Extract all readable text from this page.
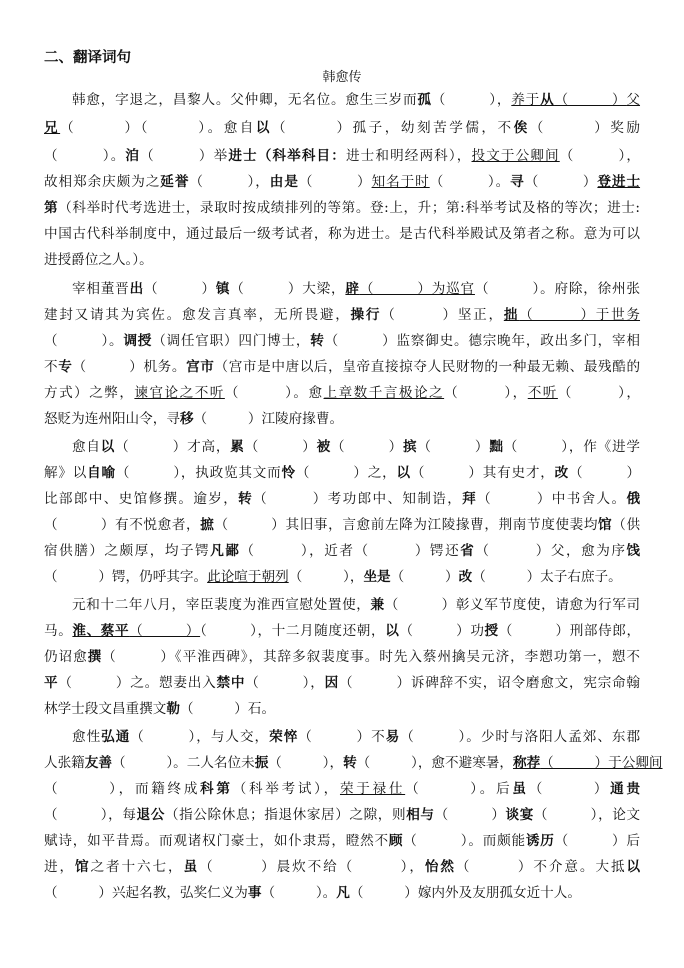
二、翻译词句
韩愈传
韩愈，字退之，昌黎人。父仲卿，无名位。愈生三岁而孤（　　　），养于从（　　　）父
兄（　　　）（　　　）。愈自以（　　　）孤子，幼刻苦学儒，不俟（　　　）奖励
（　　　）。洎（　　　）举进士（科举科目：进士和明经两科），投文于公卿间（　　　），
故相郑余庆颇为之延誉（　　　），由是（　　　）知名于时（　　　）。寻（　　　）登进士
第（科举时代考选进士，录取时按成绩排列的等第。登:上，升；第:科举考试及格的等次；进士:
中国古代科举制度中，通过最后一级考试者，称为进士。是古代科举殿试及第者之称。意为可以
进授爵位之人。）。
宰相董晋出（　　　）镇（　　　）大梁，辟（　　　）为巡官（　　　）。府除，徐州张
建封又请其为宾佐。愈发言真率，无所畏避，操行（　　　）坚正，拙（　　　）于世务
（　　　）。调授（调任官职）四门博士，转（　　　）监察御史。德宗晚年，政出多门，宰相
不专（　　　）机务。宫市（宫市是中唐以后，皇帝直接掠夺人民财物的一种最无赖、最残酷的
方式）之弊，谏官论之不听（　　　）。愈上章数千言极论之（　　　），不听（　　　），
怒贬为连州阳山令，寻移（　　　）江陵府掾曹。
愈自以（　　　）才高，累（　　　）被（　　　）摈（　　　）黜（　　　），作《进学
解》以自喻（　　　），执政览其文而怜（　　　）之，以（　　　）其有史才，改（　　　）
比部郎中、史馆修撰。逾岁，转（　　　）考功郎中、知制诰，拜（　　　）中书舍人。俄
（　　　）有不悦愈者，摭（　　　）其旧事，言愈前左降为江陵掾曹，荆南节度使裴均馆（供
宿供膳）之颇厚，均子锷凡鄙（　　　），近者（　　　）锷还省（　　　）父，愈为序饯
（　　　）锷，仍呼其字。此论喧于朝列（　　　），坐是（　　　）改（　　　）太子右庶子。
元和十二年八月，宰臣裴度为淮西宣慰处置使，兼（　　　）彰义军节度使，请愈为行军司
马。淮、蔡平（　　　）（　　　），十二月随度还朝，以（　　　）功授（　　　）刑部侍郎，
仍诏愈撰（　　　）《平淮西碑》，其辞多叙裴度事。时先入蔡州擒吴元济，李愬功第一，愬不
平（　　　）之。愬妻出入禁中（　　　），因（　　　）诉碑辞不实，诏令磨愈文，宪宗命翰
林学士段文昌重撰文勒（　　　）石。
愈性弘通（　　　），与人交，荣悴（　　　）不易（　　　）。少时与洛阳人孟郊、东郡
人张籍友善（　　　）。二人名位未振（　　　），转（　　　），愈不避寒暑，称荐（　　　）于公卿间
（　　　），而籍终成科第（科举考试），荣于禄仕（　　　）。后虽（　　　）通贵
（　　　），每退公（指公除休息；指退休家居）之隙，则相与（　　　）谈宴（　　　），论文
赋诗，如平昔焉。而观诸权门豪士，如仆隶焉，瞪然不顾（　　　）。而颇能诱历（　　　）后
进，馆之者十六七，虽（　　　）晨炊不给（　　　），怡然（　　　）不介意。大抵以
（　　　）兴起名教，弘奖仁义为事（　　　）。凡（　　　）嫁内外及友朋孤女近十人。
